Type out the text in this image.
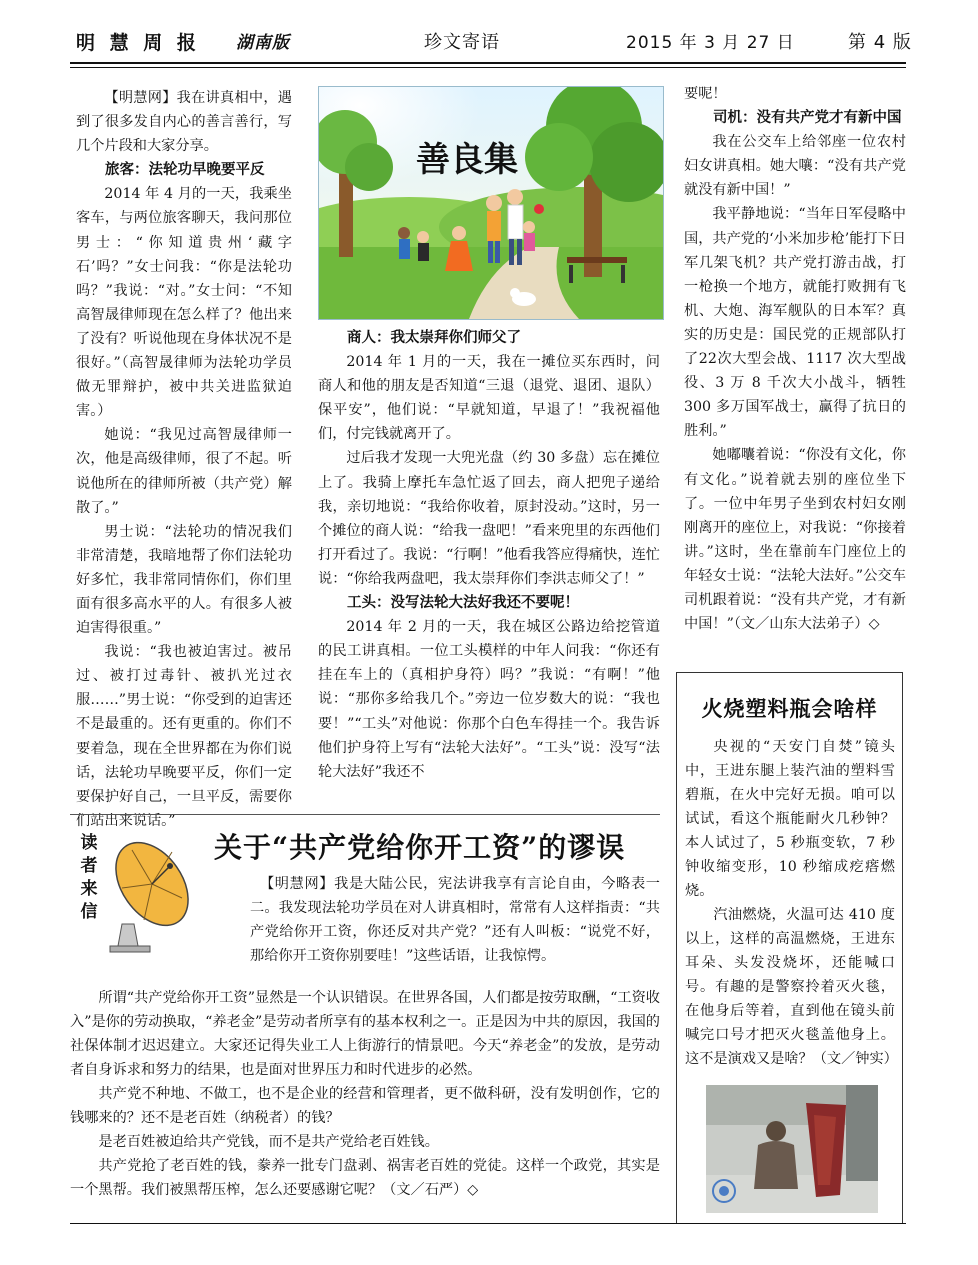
明 慧 周 报 湖南版	珍文寄语	2015 年 3 月 27 日	第 4 版

【明慧网】我在讲真相中，遇到了很多发自内心的善言善行，写几个片段和大家分享。

旅客：法轮功早晚要平反

2014 年 4 月的一天，我乘坐客车，与两位旅客聊天，我问那位男士：“你知道贵州‘藏字石’吗？”女士问我：“你是法轮功吗？”我说：“对。”女士问：“不知高智晟律师现在怎么样了？他出来了没有？听说他现在身体状况不是很好。”（高智晟律师为法轮功学员做无罪辩护，被中共关进监狱迫害。）

她说：“我见过高智晟律师一次，他是高级律师，很了不起。听说他所在的律师所被（共产党）解散了。”

男士说：“法轮功的情况我们非常清楚，我暗地帮了你们法轮功好多忙，我非常同情你们，你们里面有很多高水平的人。有很多人被迫害得很重。”

我说：“我也被迫害过。被吊过、被打过毒针、被扒光过衣服……”男士说：“你受到的迫害还不是最重的。还有更重的。你们不要着急，现在全世界都在为你们说话，法轮功早晚要平反，你们一定要保护好自己，一旦平反，需要你们站出来说话。”

善良集

商人：我太崇拜你们师父了

2014 年 1 月的一天，我在一摊位买东西时，问商人和他的朋友是否知道“三退（退党、退团、退队）保平安”，他们说：“早就知道，早退了！”我祝福他们，付完钱就离开了。

过后我才发现一大兜光盘（约 30 多盘）忘在摊位上了。我骑上摩托车急忙返了回去，商人把兜子递给我，亲切地说：“我给你收着，原封没动。”这时，另一个摊位的商人说：“给我一盘吧！”看来兜里的东西他们打开看过了。我说：“行啊！”他看我答应得痛快，连忙说：“你给我两盘吧，我太崇拜你们李洪志师父了！”

工头：没写法轮大法好我还不要呢！

2014 年 2 月的一天，我在城区公路边给挖管道的民工讲真相。一位工头模样的中年人问我：“你还有挂在车上的（真相护身符）吗？”我说：“有啊！”他说：“那你多给我几个。”旁边一位岁数大的说：“我也要！”“工头”对他说：你那个白色车得挂一个。我告诉他们护身符上写有“法轮大法好”。“工头”说：没写“法轮大法好”我还不

要呢！

司机：没有共产党才有新中国

我在公交车上给邻座一位农村妇女讲真相。她大嚷：“没有共产党就没有新中国！”

我平静地说：“当年日军侵略中国，共产党的‘小米加步枪’能打下日军几架飞机？共产党打游击战，打一枪换一个地方，就能打败拥有飞机、大炮、海军舰队的日本军？真实的历史是：国民党的正规部队打了22次大型会战、1117 次大型战役、3 万 8 千次大小战斗，牺牲 300 多万国军战士，赢得了抗日的胜利。”

她嘟囔着说：“你没有文化，你有文化。”说着就去别的座位坐下了。一位中年男子坐到农村妇女刚刚离开的座位上，对我说：“你接着讲。”这时，坐在靠前车门座位上的年轻女士说：“法轮大法好。”公交车司机跟着说：“没有共产党，才有新中国！”（文／山东大法弟子）◇

火烧塑料瓶会啥样

央视的“天安门自焚”镜头中，王进东腿上装汽油的塑料雪碧瓶，在火中完好无损。咱可以试试，看这个瓶能耐火几秒钟？本人试过了，5 秒瓶变软，7 秒钟收缩变形，10 秒缩成疙瘩燃烧。

汽油燃烧，火温可达 410 度以上，这样的高温燃烧，王进东耳朵、头发没烧坏，还能喊口号。有趣的是警察拎着灭火毯，在他身后等着，直到他在镜头前喊完口号才把灭火毯盖他身上。这不是演戏又是啥？（文／钟实）

读者来信
关于“共产党给你开工资”的谬误

【明慧网】我是大陆公民，宪法讲我享有言论自由，今略表一二。我发现法轮功学员在对人讲真相时，常常有人这样指责：“共产党给你开工资，你还反对共产党？”还有人叫板：“说党不好，那给你开工资你别要哇！”这些话语，让我惊愕。

所谓“共产党给你开工资”显然是一个认识错误。在世界各国，人们都是按劳取酬，“工资收入”是你的劳动换取，“养老金”是劳动者所享有的基本权利之一。正是因为中共的原因，我国的社保体制才迟迟建立。大家还记得失业工人上街游行的情景吧。今天“养老金”的发放，是劳动者自身诉求和努力的结果，也是面对世界压力和时代进步的必然。

共产党不种地、不做工，也不是企业的经营和管理者，更不做科研，没有发明创作，它的钱哪来的？还不是老百姓（纳税者）的钱？

是老百姓被迫给共产党钱，而不是共产党给老百姓钱。

共产党抢了老百姓的钱，豢养一批专门盘剥、祸害老百姓的党徒。这样一个政党，其实是一个黑帮。我们被黑帮压榨，怎么还要感谢它呢？（文／石严）◇
